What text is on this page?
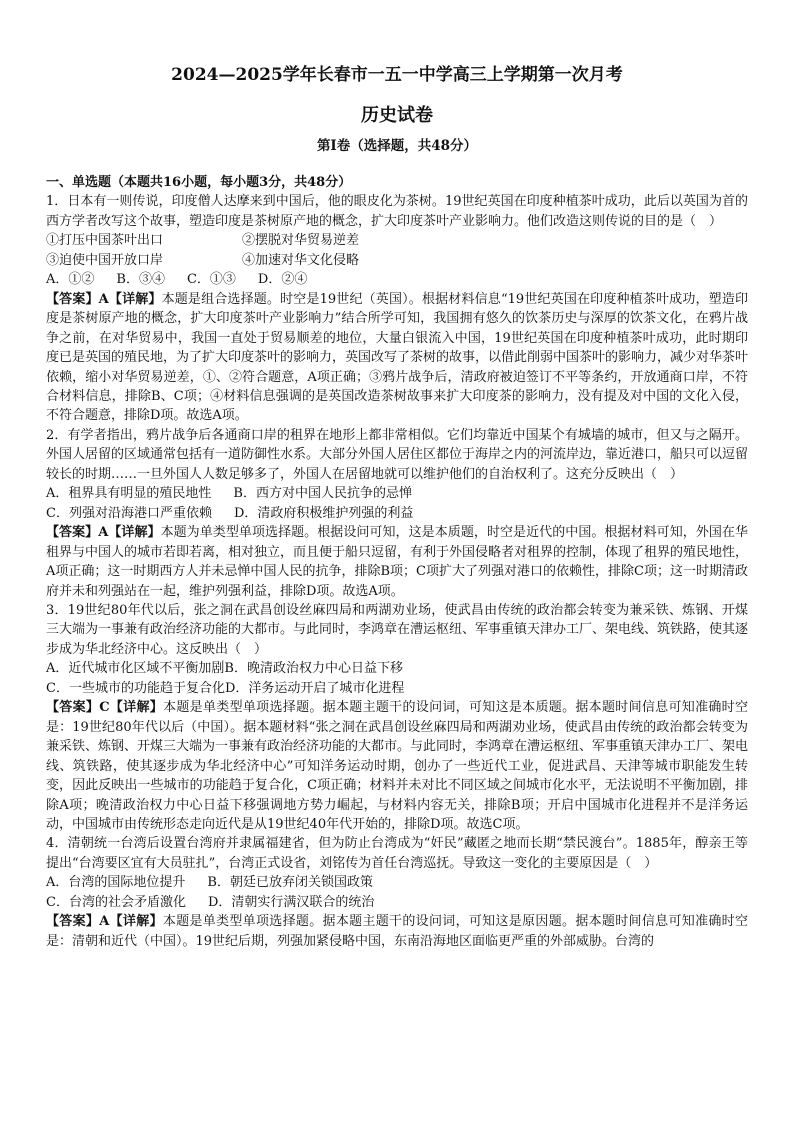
2024—2025学年长春市一五一中学高三上学期第一次月考
历史试卷
第Ⅰ卷（选择题，共48分）
一、单选题（本题共16小题，每小题3分，共48分）

1．日本有一则传说，印度僧人达摩来到中国后，他的眼皮化为茶树。19世纪英国在印度种植茶叶成功，此后以英国为首的西方学者改写这个故事，塑造印度是茶树原产地的概念，扩大印度茶叶产业影响力。他们改造这则传说的目的是（　）

①打压中国茶叶出口	②摆脱对华贸易逆差
③迫使中国开放口岸	④加速对华文化侵略
A．①② B．③④ C．①③ D．②④

【答案】A【详解】本题是组合选择题。时空是19世纪（英国）。根据材料信息“19世纪英国在印度种植茶叶成功，塑造印度是茶树原产地的概念，扩大印度茶叶产业影响力”结合所学可知，我国拥有悠久的饮茶历史与深厚的饮茶文化，在鸦片战争之前，在对华贸易中，我国一直处于贸易顺差的地位，大量白银流入中国，19世纪英国在印度种植茶叶成功，此时期印度已是英国的殖民地，为了扩大印度茶叶的影响力，英国改写了茶树的故事，以借此削弱中国茶叶的影响力，减少对华茶叶依赖，缩小对华贸易逆差，①、②符合题意，A项正确；③鸦片战争后，清政府被迫签订不平等条约，开放通商口岸，不符合材料信息，排除B、C项；④材料信息强调的是英国改造茶树故事来扩大印度茶的影响力，没有提及对中国的文化入侵，不符合题意，排除D项。故选A项。

2．有学者指出，鸦片战争后各通商口岸的租界在地形上都非常相似。它们均靠近中国某个有城墙的城市，但又与之隔开。外国人居留的区域通常包括有一道防御性水系。大部分外国人居住区都位于海岸之内的河流岸边，靠近港口，船只可以逗留较长的时期……一旦外国人人数足够多了，外国人在居留地就可以维护他们的自治权利了。这充分反映出（　）

A．租界具有明显的殖民地性 B．西方对中国人民抗争的忌惮
C．列强对沿海港口严重依赖 D．清政府积极维护列强的利益

【答案】A【详解】本题为单类型单项选择题。根据设问可知，这是本质题，时空是近代的中国。根据材料可知，外国在华租界与中国人的城市若即若离，相对独立，而且便于船只逗留，有利于外国侵略者对租界的控制，体现了租界的殖民地性，A项正确；这一时期西方人并未忌惮中国人民的抗争，排除B项；C项扩大了列强对港口的依赖性，排除C项；这一时期清政府并未和列强站在一起，维护列强利益，排除D项。故选A项。

3．19世纪80年代以后，张之洞在武昌创设丝麻四局和两湖劝业场，使武昌由传统的政治都会转变为兼采铁、炼钢、开煤三大端为一事兼有政治经济功能的大都市。与此同时，李鸿章在漕运枢纽、军事重镇天津办工厂、架电线、筑铁路，使其逐步成为华北经济中心。这反映出（　）

A．近代城市化区域不平衡加剧B．晚清政治权力中心日益下移
C．一些城市的功能趋于复合化D．洋务运动开启了城市化进程

【答案】C【详解】本题是单类型单项选择题。据本题主题干的设问词，可知这是本质题。据本题时间信息可知准确时空是：19世纪80年代以后（中国）。据本题材料“张之洞在武昌创设丝麻四局和两湖劝业场，使武昌由传统的政治都会转变为兼采铁、炼钢、开煤三大端为一事兼有政治经济功能的大都市。与此同时，李鸿章在漕运枢纽、军事重镇天津办工厂、架电线、筑铁路，使其逐步成为华北经济中心”可知洋务运动时期，创办了一些近代工业，促进武昌、天津等城市职能发生转变，因此反映出一些城市的功能趋于复合化，C项正确；材料并未对比不同区域之间城市化水平，无法说明不平衡加剧，排除A项；晚清政治权力中心日益下移强调地方势力崛起，与材料内容无关，排除B项；开启中国城市化进程并不是洋务运动，中国城市由传统形态走向近代是从19世纪40年代开始的，排除D项。故选C项。

4．清朝统一台湾后设置台湾府并隶属福建省，但为防止台湾成为“奸民”藏匿之地而长期“禁民渡台”。1885年，醇亲王等提出“台湾要区宜有大员驻扎”，台湾正式设省，刘铭传为首任台湾巡抚。导致这一变化的主要原因是（　）

A．台湾的国际地位提升 B．朝廷已放弃闭关锁国政策
C．台湾的社会矛盾激化 D．清朝实行满汉联合的统治

【答案】A【详解】本题是单类型单项选择题。据本题主题干的设问词，可知这是原因题。据本题时间信息可知准确时空是：清朝和近代（中国）。19世纪后期，列强加紧侵略中国，东南沿海地区面临更严重的外部威胁。台湾的
